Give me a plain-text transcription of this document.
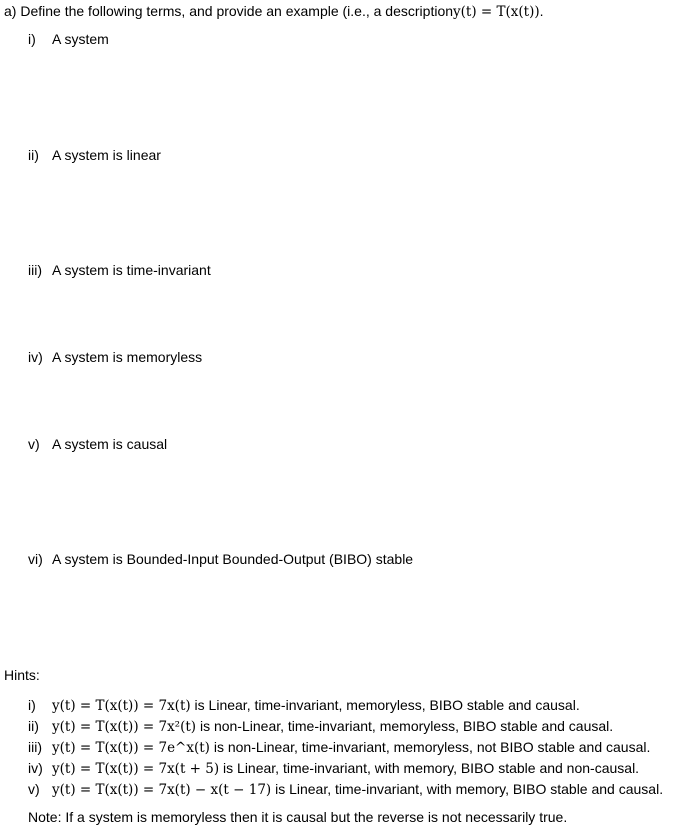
a) Define the following terms, and provide an example (i.e., a descriptiony(t) = T(x(t)).
i) A system
ii) A system is linear
iii) A system is time-invariant
iv) A system is memoryless
v) A system is causal
vi) A system is Bounded-Input Bounded-Output (BIBO) stable
Hints:
i) y(t) = T(x(t)) = 7x(t) is Linear, time-invariant, memoryless, BIBO stable and causal.
ii) y(t) = T(x(t)) = 7x²(t) is non-Linear, time-invariant, memoryless, BIBO stable and causal.
iii) y(t) = T(x(t)) = 7e^x(t) is non-Linear, time-invariant, memoryless, not BIBO stable and causal.
iv) y(t) = T(x(t)) = 7x(t + 5) is Linear, time-invariant, with memory, BIBO stable and non-causal.
v) y(t) = T(x(t)) = 7x(t) − x(t − 17) is Linear, time-invariant, with memory, BIBO stable and causal.
Note: If a system is memoryless then it is causal but the reverse is not necessarily true.
